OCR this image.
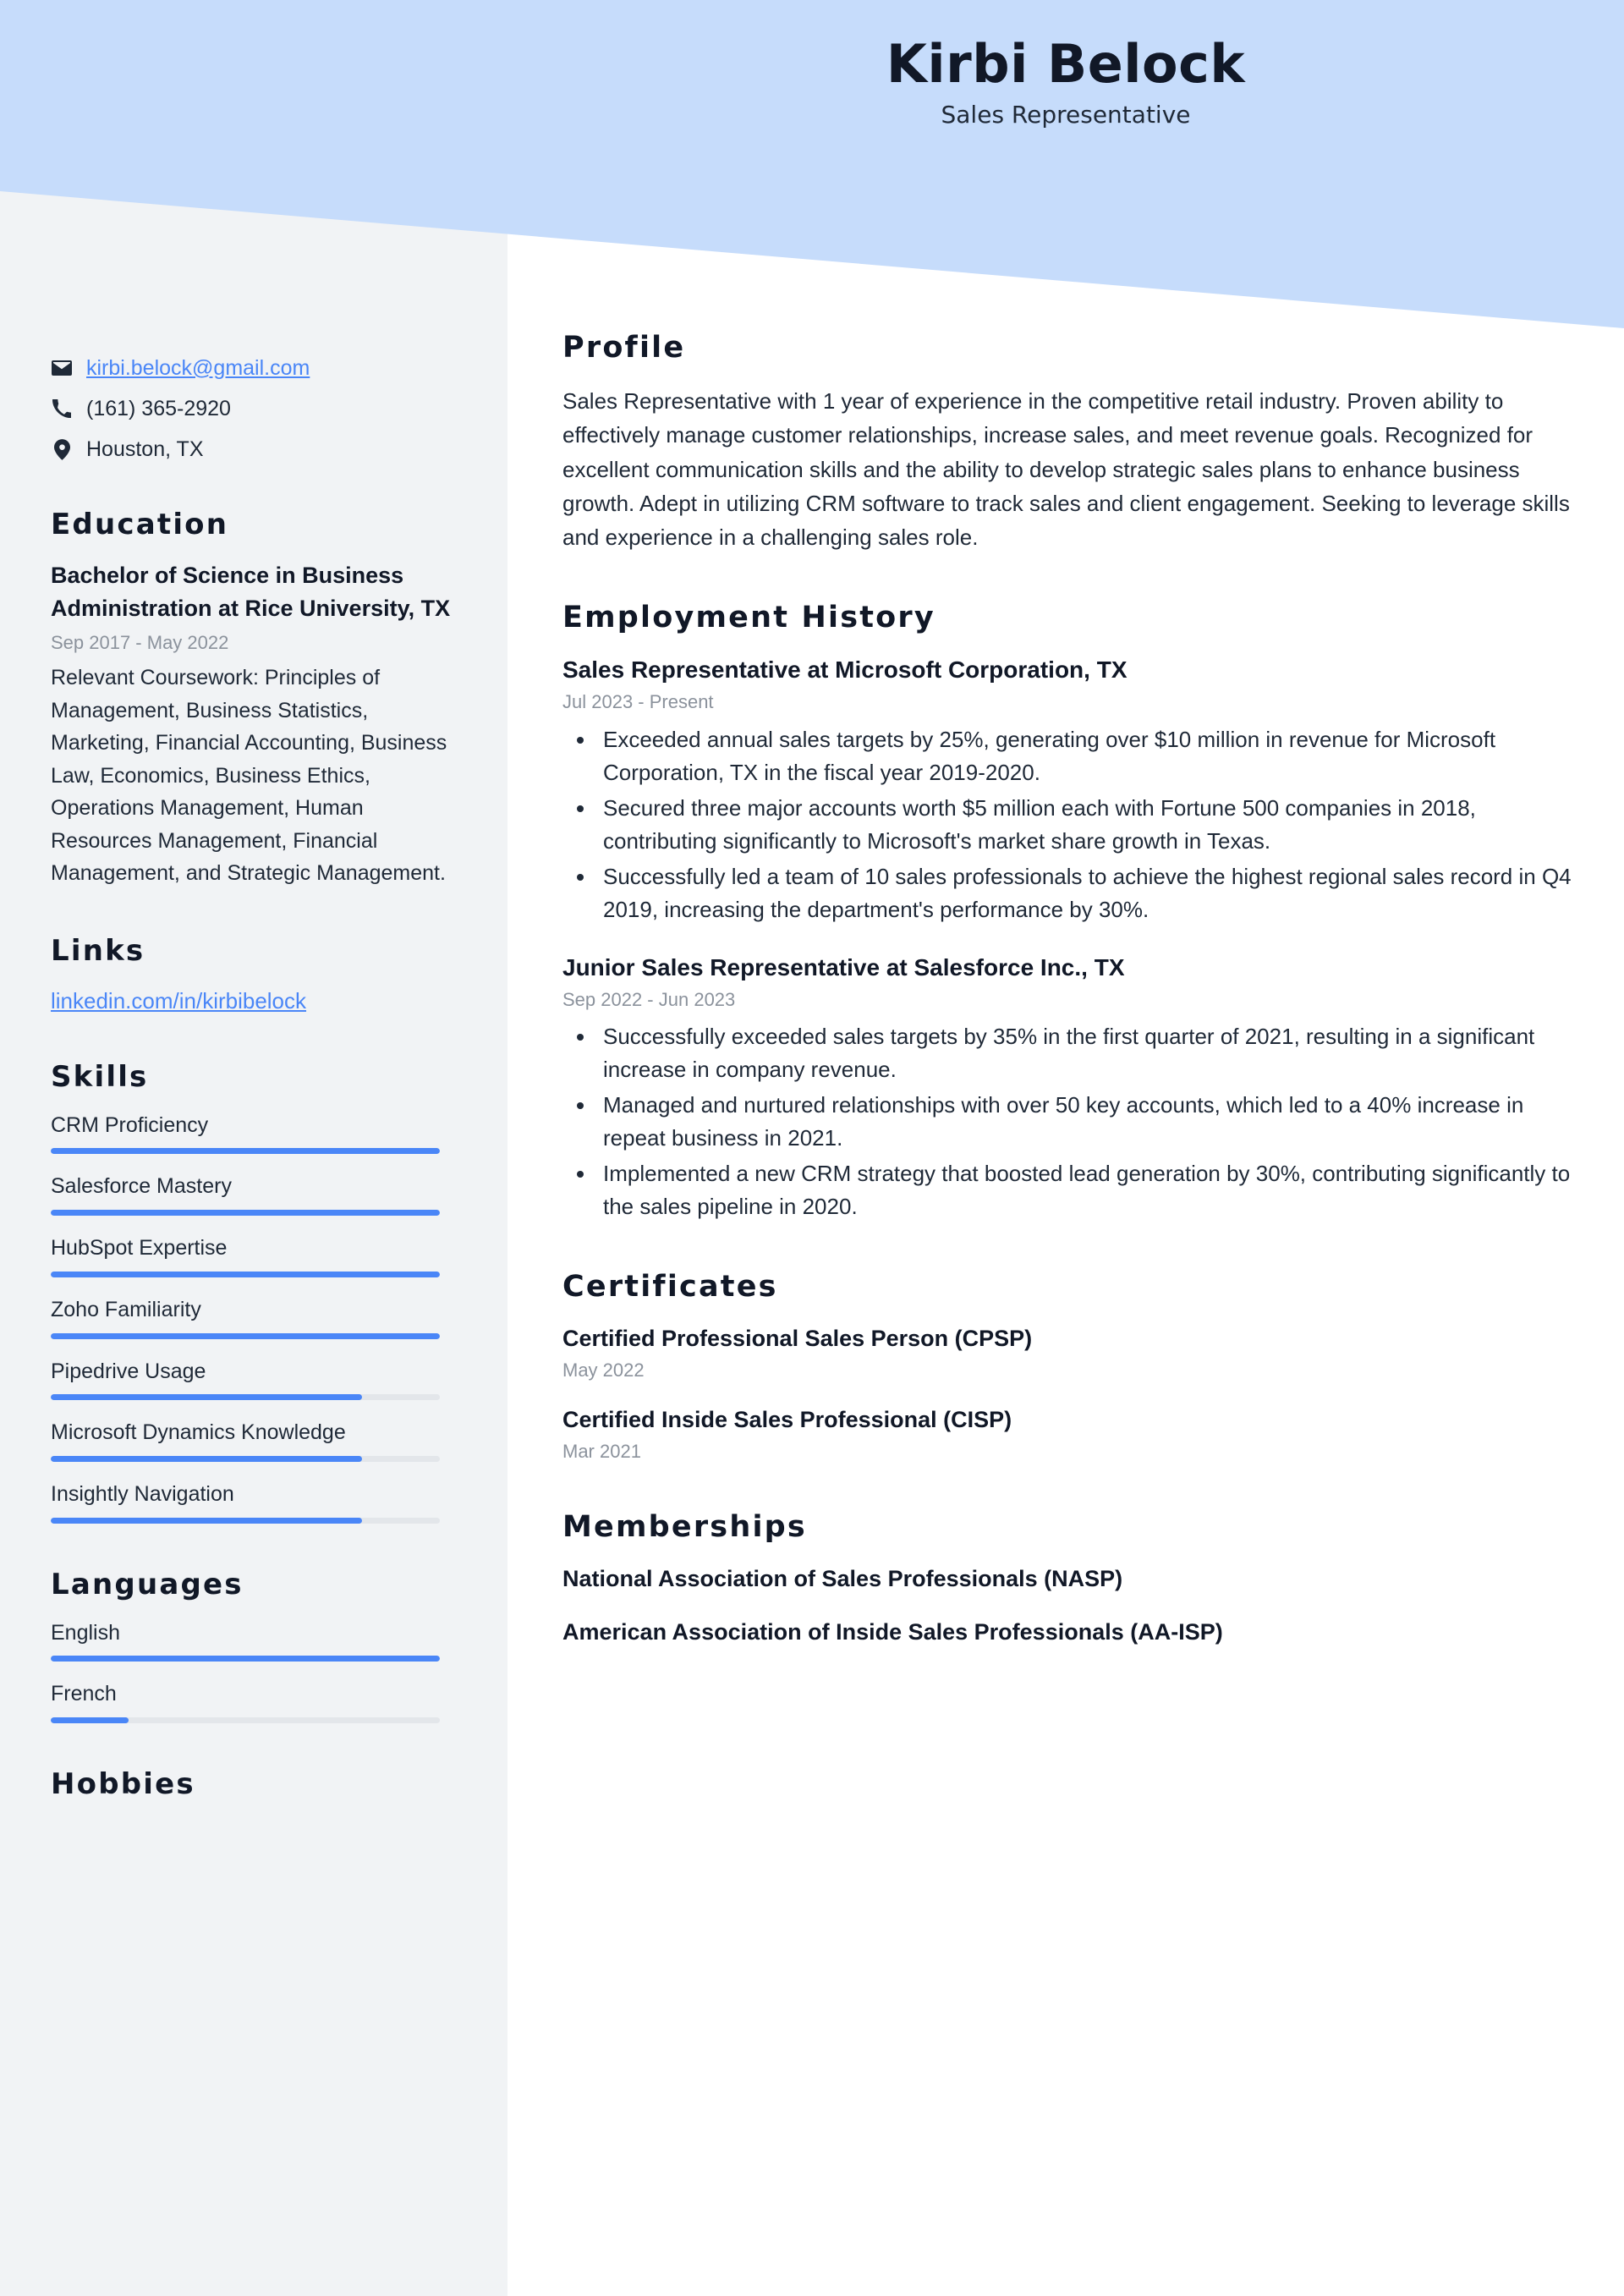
Kirbi Belock
Sales Representative
kirbi.belock@gmail.com
(161) 365-2920
Houston, TX
Education
Bachelor of Science in Business Administration at Rice University, TX
Sep 2017 - May 2022
Relevant Coursework: Principles of Management, Business Statistics, Marketing, Financial Accounting, Business Law, Economics, Business Ethics, Operations Management, Human Resources Management, Financial Management, and Strategic Management.
Links
linkedin.com/in/kirbibelock
Skills
CRM Proficiency
Salesforce Mastery
HubSpot Expertise
Zoho Familiarity
Pipedrive Usage
Microsoft Dynamics Knowledge
Insightly Navigation
Languages
English
French
Hobbies
Profile
Sales Representative with 1 year of experience in the competitive retail industry. Proven ability to effectively manage customer relationships, increase sales, and meet revenue goals. Recognized for excellent communication skills and the ability to develop strategic sales plans to enhance business growth. Adept in utilizing CRM software to track sales and client engagement. Seeking to leverage skills and experience in a challenging sales role.
Employment History
Sales Representative at Microsoft Corporation, TX
Jul 2023 - Present
• Exceeded annual sales targets by 25%, generating over $10 million in revenue for Microsoft Corporation, TX in the fiscal year 2019-2020.
• Secured three major accounts worth $5 million each with Fortune 500 companies in 2018, contributing significantly to Microsoft's market share growth in Texas.
• Successfully led a team of 10 sales professionals to achieve the highest regional sales record in Q4 2019, increasing the department's performance by 30%.
Junior Sales Representative at Salesforce Inc., TX
Sep 2022 - Jun 2023
• Successfully exceeded sales targets by 35% in the first quarter of 2021, resulting in a significant increase in company revenue.
• Managed and nurtured relationships with over 50 key accounts, which led to a 40% increase in repeat business in 2021.
• Implemented a new CRM strategy that boosted lead generation by 30%, contributing significantly to the sales pipeline in 2020.
Certificates
Certified Professional Sales Person (CPSP)
May 2022
Certified Inside Sales Professional (CISP)
Mar 2021
Memberships
National Association of Sales Professionals (NASP)
American Association of Inside Sales Professionals (AA-ISP)
